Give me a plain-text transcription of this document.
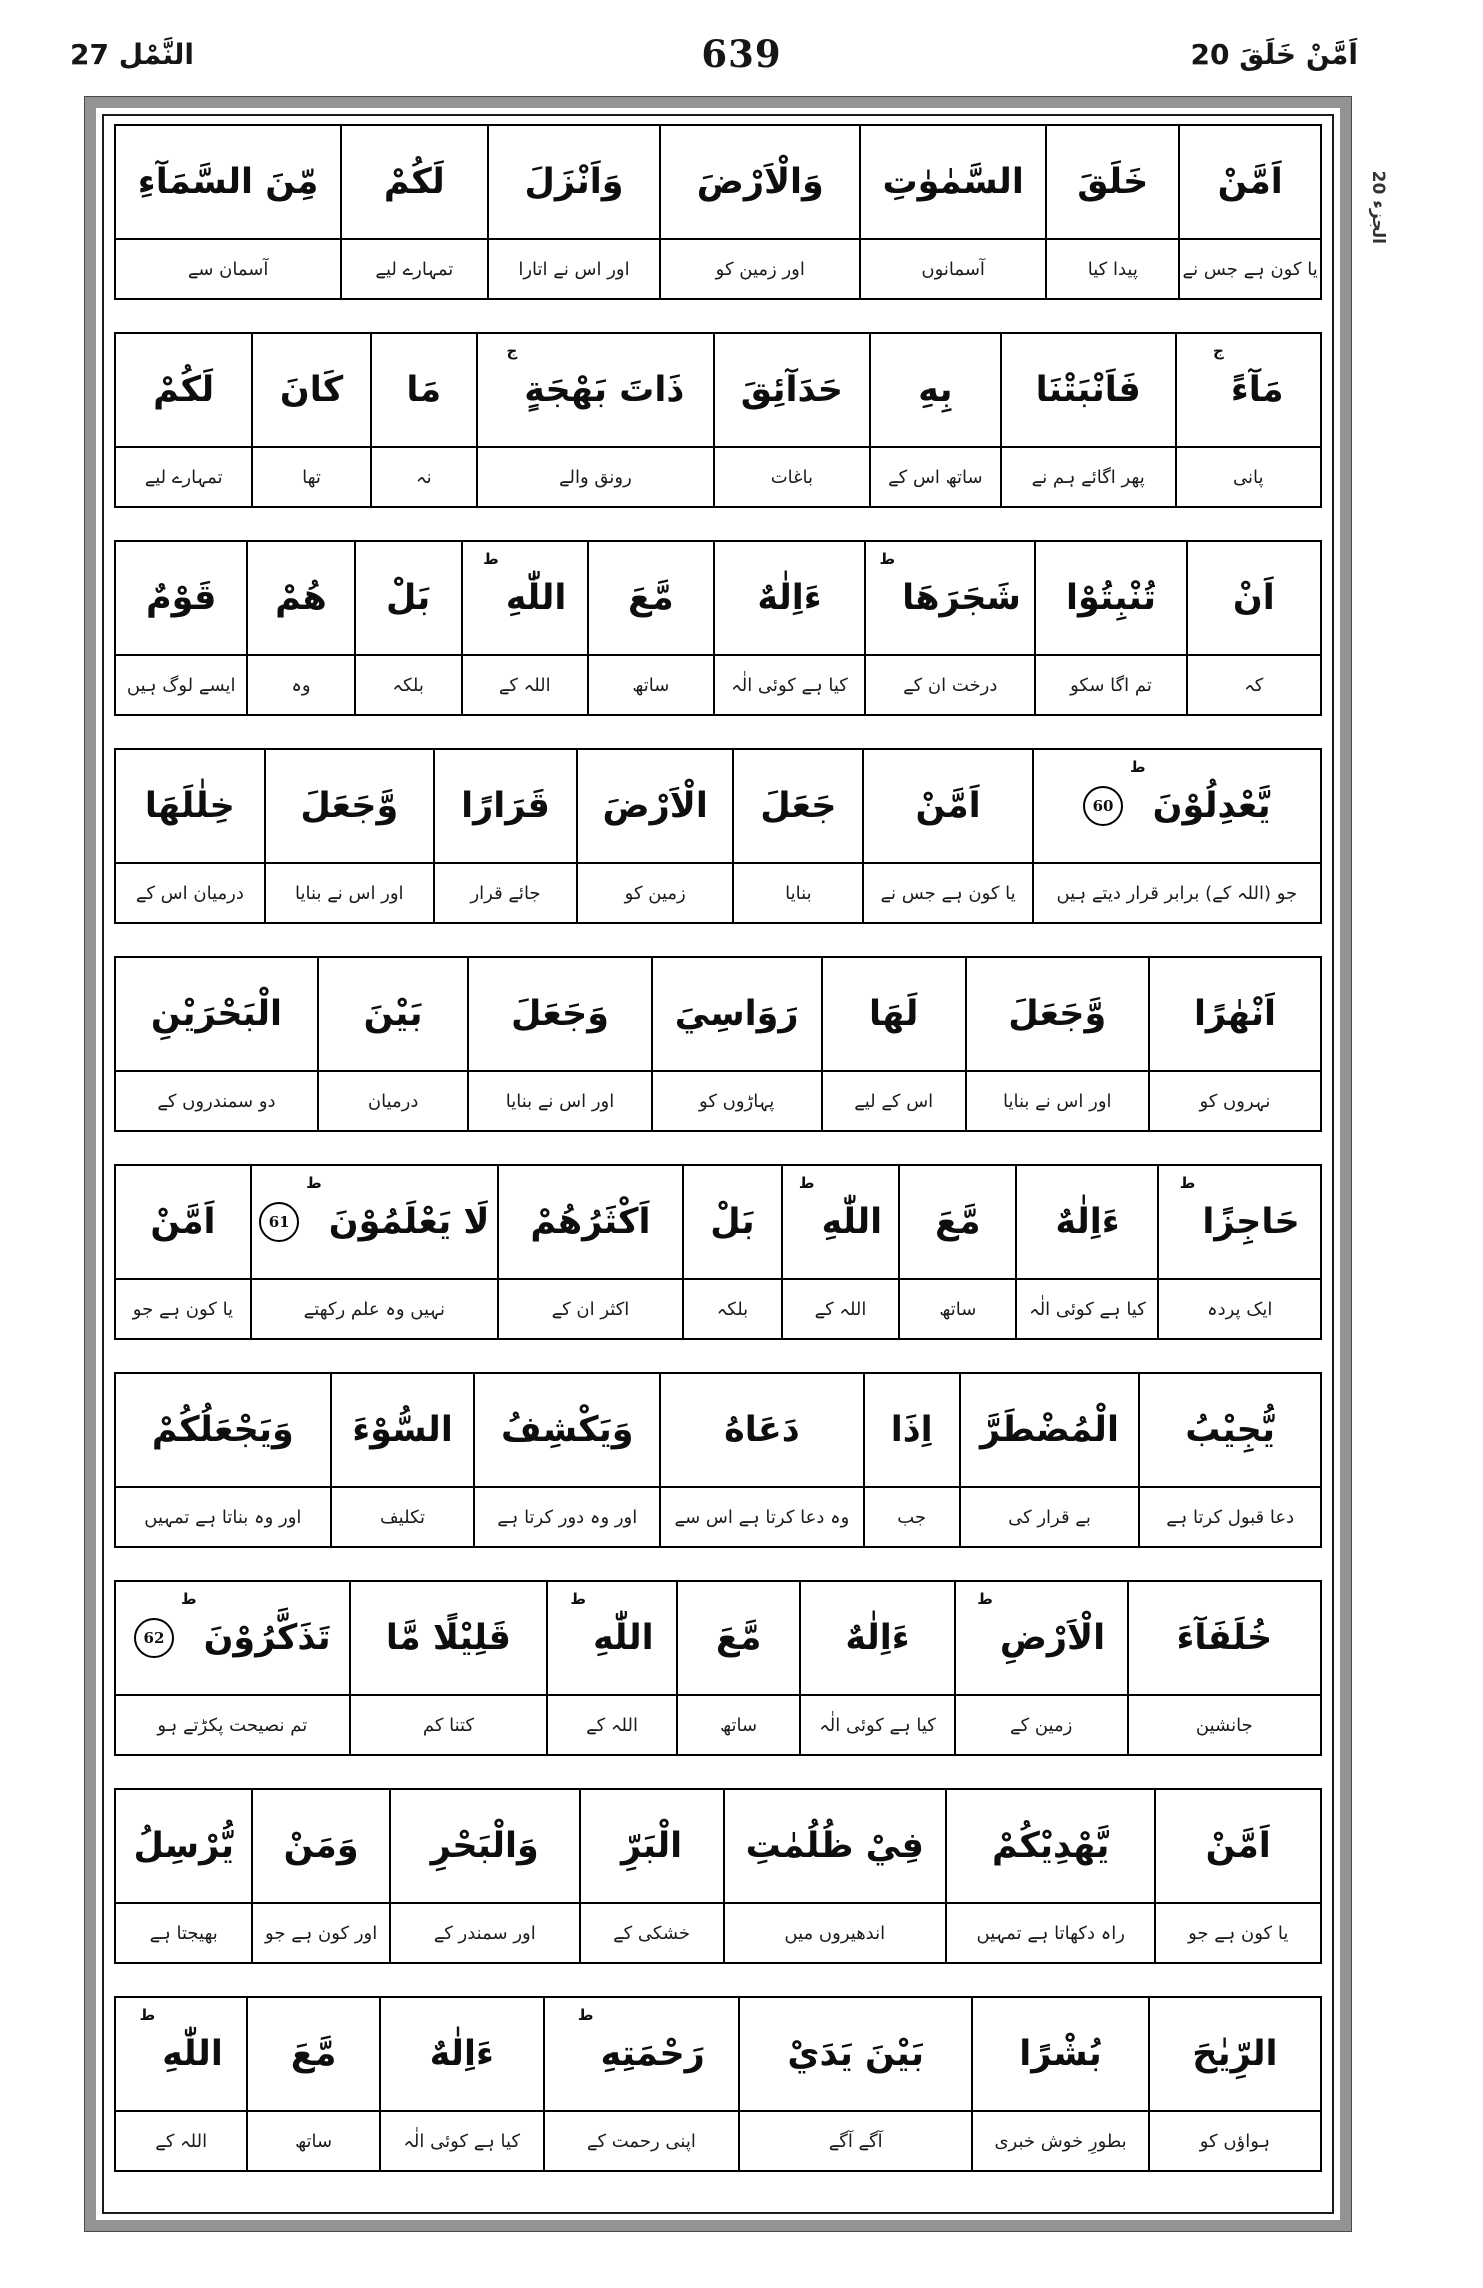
النَّمْل 27	639	اَمَّنْ خَلَقَ 20
الجزء 20
اَمَّنْ
خَلَقَ
السَّمٰوٰتِ
وَالْاَرْضَ
وَاَنْزَلَ
لَكُمْ
مِّنَ السَّمَآءِ
یا کون ہے جس نے
پیدا کیا
آسمانوں
اور زمین کو
اور اس نے اتارا
تمہارے لیے
آسمان سے
مَآءً
ج
فَاَنْبَتْنَا
بِهِ
حَدَآئِقَ
ذَاتَ بَهْجَةٍ
ج
مَا
كَانَ
لَكُمْ
پانی
پھر اگائے ہم نے
ساتھ اس کے
باغات
رونق والے
نہ
تھا
تمہارے لیے
اَنْ
تُنْبِتُوْا
شَجَرَهَا
ط
ءَاِلٰهٌ
مَّعَ
اللّٰهِ
ط
بَلْ
هُمْ
قَوْمٌ
کہ
تم اگا سکو
درخت ان کے
کیا ہے کوئی الٰہ
ساتھ
اللہ کے
بلکہ
وہ
ایسے لوگ ہیں
يَّعْدِلُوْنَ
ط
60
اَمَّنْ
جَعَلَ
الْاَرْضَ
قَرَارًا
وَّجَعَلَ
خِلٰلَهَا
جو (اللہ کے) برابر قرار دیتے ہیں
یا کون ہے جس نے
بنایا
زمین کو
جائے قرار
اور اس نے بنایا
درمیان اس کے
اَنْهٰرًا
وَّجَعَلَ
لَهَا
رَوَاسِيَ
وَجَعَلَ
بَيْنَ
الْبَحْرَيْنِ
نہروں کو
اور اس نے بنایا
اس کے لیے
پہاڑوں کو
اور اس نے بنایا
درمیان
دو سمندروں کے
حَاجِزًا
ط
ءَاِلٰهٌ
مَّعَ
اللّٰهِ
ط
بَلْ
اَكْثَرُهُمْ
لَا يَعْلَمُوْنَ
ط
61
اَمَّنْ
ایک پردہ
کیا ہے کوئی الٰہ
ساتھ
اللہ کے
بلکہ
اکثر ان کے
نہیں وہ علم رکھتے
یا کون ہے جو
يُّجِيْبُ
الْمُضْطَرَّ
اِذَا
دَعَاهُ
وَيَكْشِفُ
السُّوْءَ
وَيَجْعَلُكُمْ
دعا قبول کرتا ہے
بے قرار کی
جب
وہ دعا کرتا ہے اس سے
اور وہ دور کرتا ہے
تکلیف
اور وہ بناتا ہے تمہیں
خُلَفَآءَ
الْاَرْضِ
ط
ءَاِلٰهٌ
مَّعَ
اللّٰهِ
ط
قَلِيْلًا مَّا
تَذَكَّرُوْنَ
ط
62
جانشین
زمین کے
کیا ہے کوئی الٰہ
ساتھ
اللہ کے
کتنا کم
تم نصیحت پکڑتے ہو
اَمَّنْ
يَّهْدِيْكُمْ
فِيْ ظُلُمٰتِ
الْبَرِّ
وَالْبَحْرِ
وَمَنْ
يُّرْسِلُ
یا کون ہے جو
راہ دکھاتا ہے تمہیں
اندھیروں میں
خشکی کے
اور سمندر کے
اور کون ہے جو
بھیجتا ہے
الرِّيٰحَ
بُشْرًا
بَيْنَ يَدَيْ
رَحْمَتِهِ
ط
ءَاِلٰهٌ
مَّعَ
اللّٰهِ
ط
ہواؤں کو
بطورِ خوش خبری
آگے آگے
اپنی رحمت کے
کیا ہے کوئی الٰہ
ساتھ
اللہ کے
